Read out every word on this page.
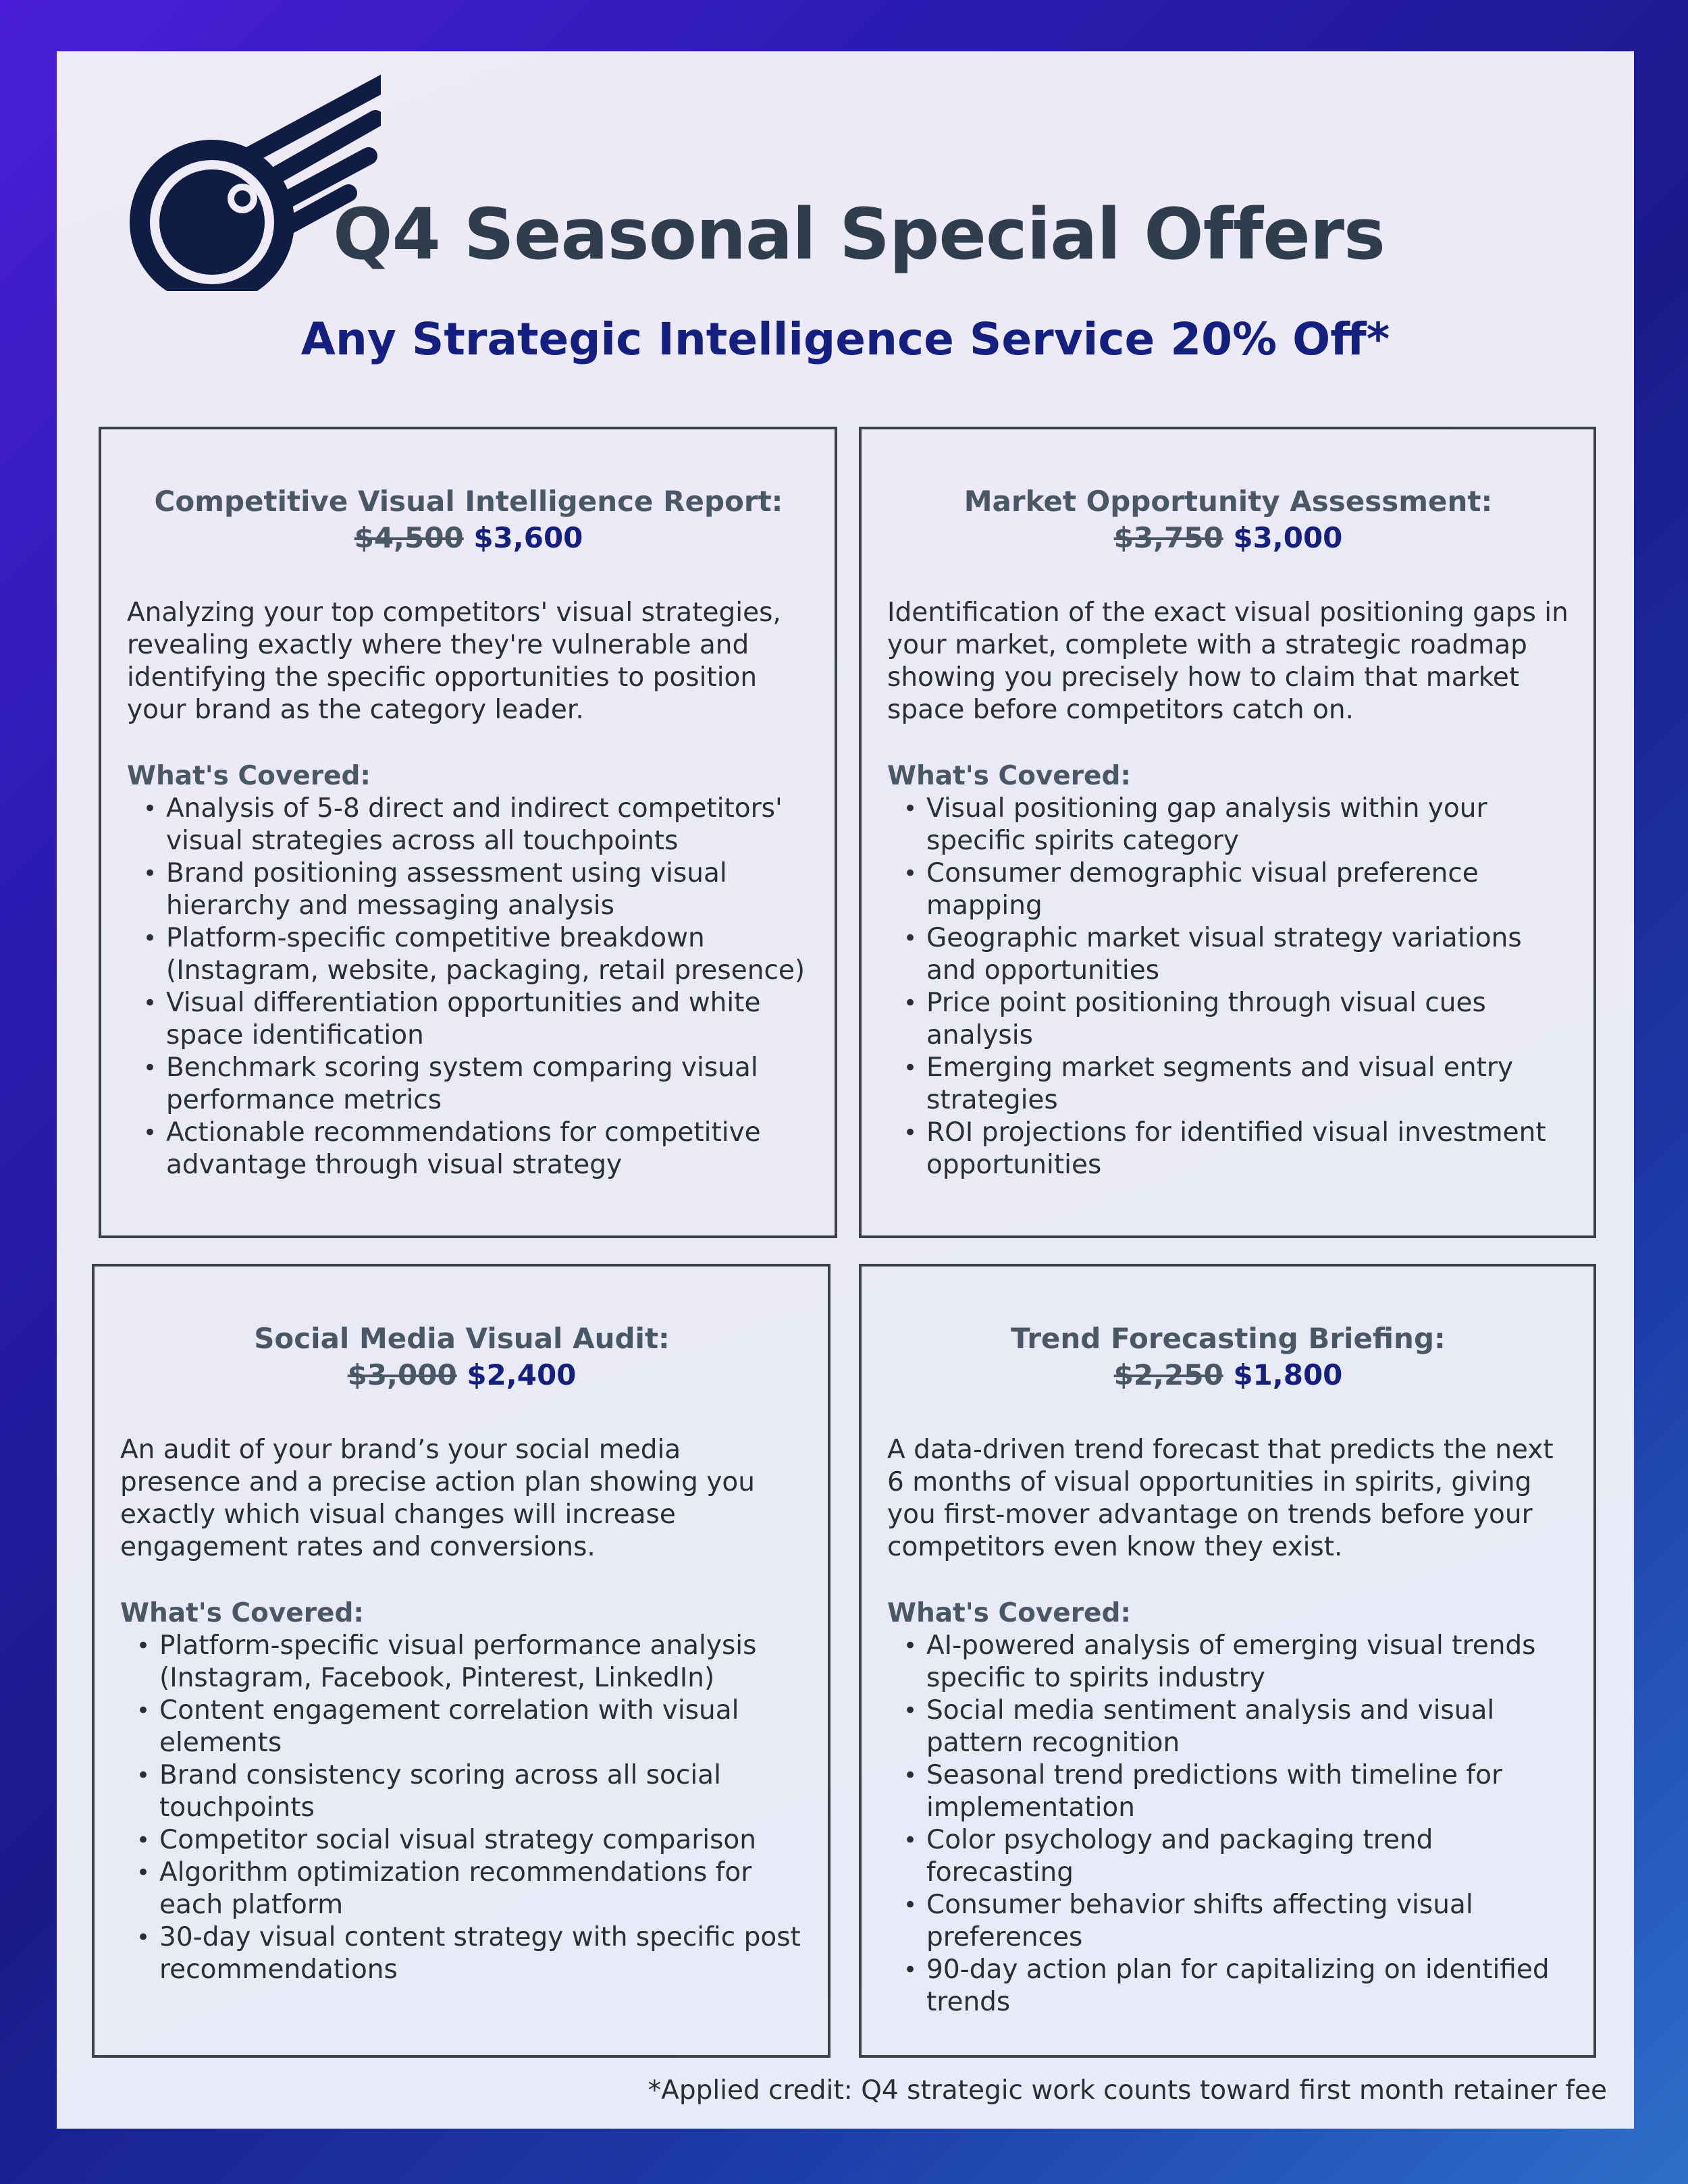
Q4 Seasonal Special Offers
Any Strategic Intelligence Service 20% Off*
Competitive Visual Intelligence Report:
$4,500 $3,600
Analyzing your top competitors' visual strategies, revealing exactly where they're vulnerable and identifying the specific opportunities to position your brand as the category leader.
What's Covered:
• Analysis of 5-8 direct and indirect competitors' visual strategies across all touchpoints
• Brand positioning assessment using visual hierarchy and messaging analysis
• Platform-specific competitive breakdown (Instagram, website, packaging, retail presence)
• Visual differentiation opportunities and white space identification
• Benchmark scoring system comparing visual performance metrics
• Actionable recommendations for competitive advantage through visual strategy
Market Opportunity Assessment:
$3,750 $3,000
Identification of the exact visual positioning gaps in your market, complete with a strategic roadmap showing you precisely how to claim that market space before competitors catch on.
What's Covered:
• Visual positioning gap analysis within your specific spirits category
• Consumer demographic visual preference mapping
• Geographic market visual strategy variations and opportunities
• Price point positioning through visual cues analysis
• Emerging market segments and visual entry strategies
• ROI projections for identified visual investment opportunities
Social Media Visual Audit:
$3,000 $2,400
An audit of your brand’s your social media presence and a precise action plan showing you exactly which visual changes will increase engagement rates and conversions.
What's Covered:
• Platform-specific visual performance analysis (Instagram, Facebook, Pinterest, LinkedIn)
• Content engagement correlation with visual elements
• Brand consistency scoring across all social touchpoints
• Competitor social visual strategy comparison
• Algorithm optimization recommendations for each platform
• 30-day visual content strategy with specific post recommendations
Trend Forecasting Briefing:
$2,250 $1,800
A data-driven trend forecast that predicts the next 6 months of visual opportunities in spirits, giving you first-mover advantage on trends before your competitors even know they exist.
What's Covered:
• AI-powered analysis of emerging visual trends specific to spirits industry
• Social media sentiment analysis and visual pattern recognition
• Seasonal trend predictions with timeline for implementation
• Color psychology and packaging trend forecasting
• Consumer behavior shifts affecting visual preferences
• 90-day action plan for capitalizing on identified trends
*Applied credit: Q4 strategic work counts toward first month retainer fee
